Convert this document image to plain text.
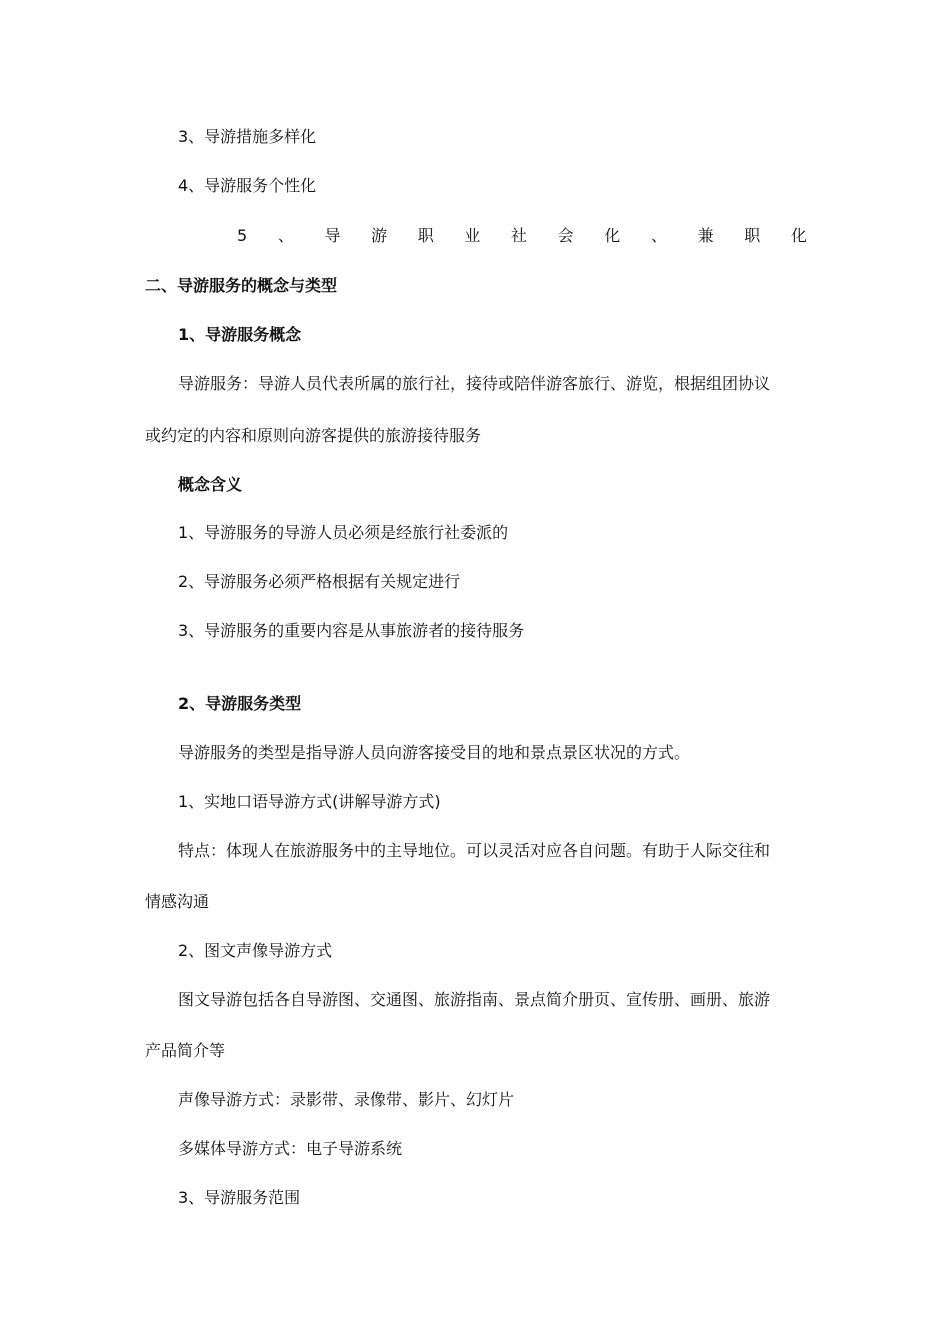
3、导游措施多样化
4、导游服务个性化
5 、 导 游 职 业 社 会 化 、 兼 职 化
二、导游服务的概念与类型
1、导游服务概念
导游服务：导游人员代表所属的旅行社，接待或陪伴游客旅行、游览，根据组团协议
或约定的内容和原则向游客提供的旅游接待服务
概念含义
1、导游服务的导游人员必须是经旅行社委派的
2、导游服务必须严格根据有关规定进行
3、导游服务的重要内容是从事旅游者的接待服务
2、导游服务类型
导游服务的类型是指导游人员向游客接受目的地和景点景区状况的方式。
1、实地口语导游方式(讲解导游方式)
特点：体现人在旅游服务中的主导地位。可以灵活对应各自问题。有助于人际交往和
情感沟通
2、图文声像导游方式
图文导游包括各自导游图、交通图、旅游指南、景点简介册页、宣传册、画册、旅游
产品简介等
声像导游方式：录影带、录像带、影片、幻灯片
多媒体导游方式：电子导游系统
3、导游服务范围
